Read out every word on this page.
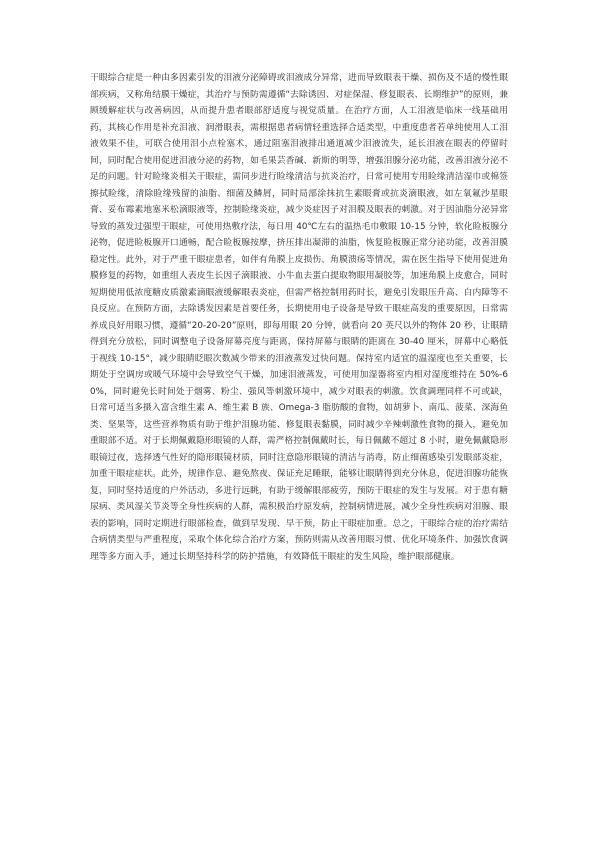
干眼综合症是一种由多因素引发的泪液分泌障碍或泪液成分异常，进而导致眼表干燥、损伤及不适的慢性眼部疾病，又称角结膜干燥症，其治疗与预防需遵循“去除诱因、对症保湿、修复眼表、长期维护”的原则，兼顾缓解症状与改善病因，从而提升患者眼部舒适度与视觉质量。在治疗方面，人工泪液是临床一线基础用药，其核心作用是补充泪液、润滑眼表，需根据患者病情轻重选择合适类型，中重度患者若单纯使用人工泪液效果不佳，可联合使用泪小点栓塞术，通过阻塞泪液排出通道减少泪液流失，延长泪液在眼表的停留时间，同时配合使用促进泪液分泌的药物，如毛果芸香碱、新斯的明等，增强泪腺分泌功能，改善泪液分泌不足的问题。针对睑缘炎相关干眼症，需同步进行睑缘清洁与抗炎治疗，日常可使用专用睑缘清洁湿巾或棉签擦拭睑缘，清除睑缘残留的油脂、细菌及鳞屑，同时局部涂抹抗生素眼膏或抗炎滴眼液，如左氧氟沙星眼膏、妥布霉素地塞米松滴眼液等，控制睑缘炎症，减少炎症因子对泪膜及眼表的刺激。对于因油脂分泌异常导致的蒸发过强型干眼症，可使用热敷疗法，每日用 40℃左右的温热毛巾敷眼 10-15 分钟，软化睑板腺分泌物，促进睑板腺开口通畅，配合睑板腺按摩，挤压排出凝滞的油脂，恢复睑板腺正常分泌功能，改善泪膜稳定性。此外，对于严重干眼症患者，如伴有角膜上皮损伤、角膜溃疡等情况，需在医生指导下使用促进角膜修复的药物，如重组人表皮生长因子滴眼液、小牛血去蛋白提取物眼用凝胶等，加速角膜上皮愈合，同时短期使用低浓度糖皮质激素滴眼液缓解眼表炎症，但需严格控制用药时长，避免引发眼压升高、白内障等不良反应。在预防方面，去除诱发因素是首要任务，长期使用电子设备是导致干眼症高发的重要原因，日常需养成良好用眼习惯，遵循“20-20-20”原则，即每用眼 20 分钟，就看向 20 英尺以外的物体 20 秒，让眼睛得到充分放松，同时调整电子设备屏幕亮度与距离，保持屏幕与眼睛的距离在 30-40 厘米，屏幕中心略低于视线 10-15°，减少眼睛眨眼次数减少带来的泪液蒸发过快问题。保持室内适宜的温湿度也至关重要，长期处于空调房或暖气环境中会导致空气干燥，加速泪液蒸发，可使用加湿器将室内相对湿度维持在 50%-60%，同时避免长时间处于烟雾、粉尘、强风等刺激环境中，减少对眼表的刺激。饮食调理同样不可或缺，日常可适当多摄入富含维生素 A、维生素 B 族、Omega-3 脂肪酸的食物，如胡萝卜、南瓜、菠菜、深海鱼类、坚果等，这些营养物质有助于维护泪腺功能、修复眼表黏膜，同时减少辛辣刺激性食物的摄入，避免加重眼部不适。对于长期佩戴隐形眼镜的人群，需严格控制佩戴时长，每日佩戴不超过 8 小时，避免佩戴隐形眼镜过夜，选择透气性好的隐形眼镜材质，同时注意隐形眼镜的清洁与消毒，防止细菌感染引发眼部炎症，加重干眼症症状。此外，规律作息、避免熬夜、保证充足睡眠，能够让眼睛得到充分休息，促进泪腺功能恢复，同时坚持适度的户外活动，多进行远眺，有助于缓解眼部疲劳，预防干眼症的发生与发展。对于患有糖尿病、类风湿关节炎等全身性疾病的人群，需积极治疗原发病，控制病情进展，减少全身性疾病对泪腺、眼表的影响，同时定期进行眼部检查，做到早发现、早干预，防止干眼症加重。总之，干眼综合症的治疗需结合病情类型与严重程度，采取个体化综合治疗方案，预防则需从改善用眼习惯、优化环境条件、加强饮食调理等多方面入手，通过长期坚持科学的防护措施，有效降低干眼症的发生风险，维护眼部健康。
